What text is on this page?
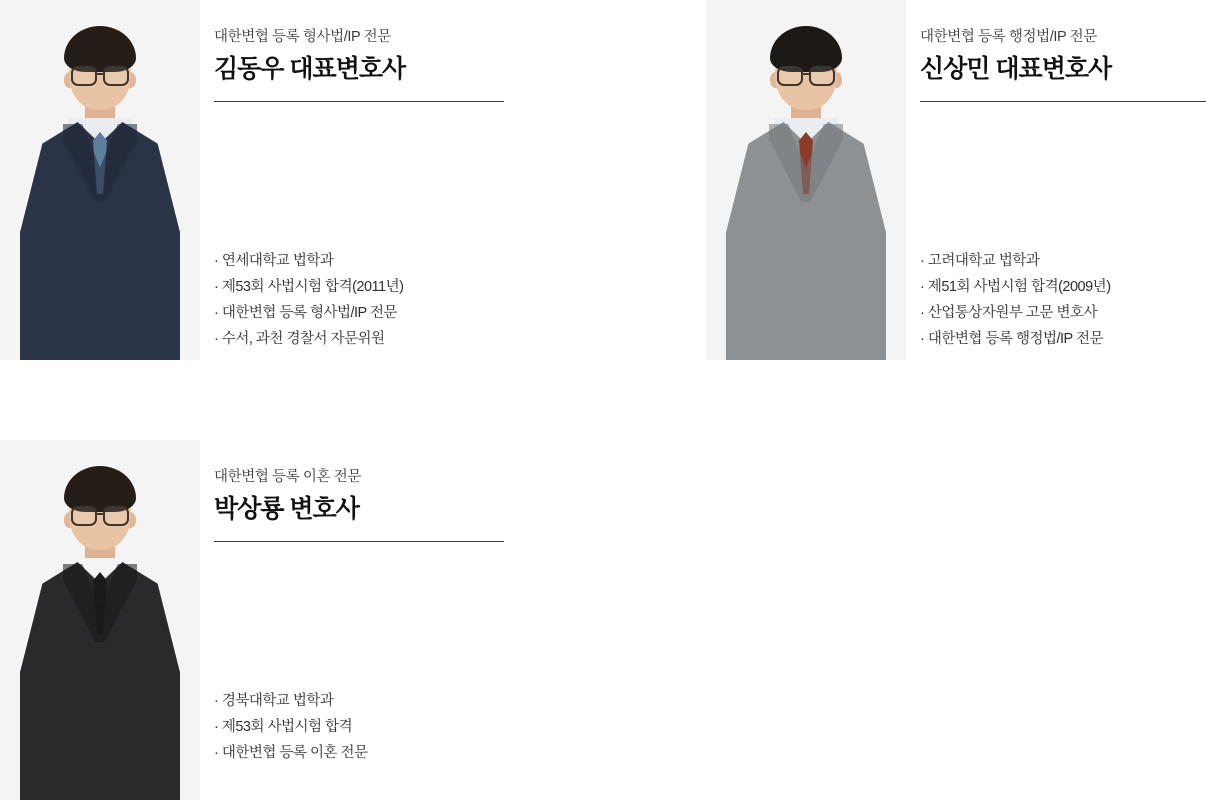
대한변협 등록 형사법/IP 전문
김동우 대표변호사
· 연세대학교 법학과
· 제53회 사법시험 합격(2011년)
· 대한변협 등록 형사법/IP 전문
· 수서, 과천 경찰서 자문위원
대한변협 등록 행정법/IP 전문
신상민 대표변호사
· 고려대학교 법학과
· 제51회 사법시험 합격(2009년)
· 산업통상자원부 고문 변호사
· 대한변협 등록 행정법/IP 전문
대한변협 등록 이혼 전문
박상룡 변호사
· 경북대학교 법학과
· 제53회 사법시험 합격
· 대한변협 등록 이혼 전문
